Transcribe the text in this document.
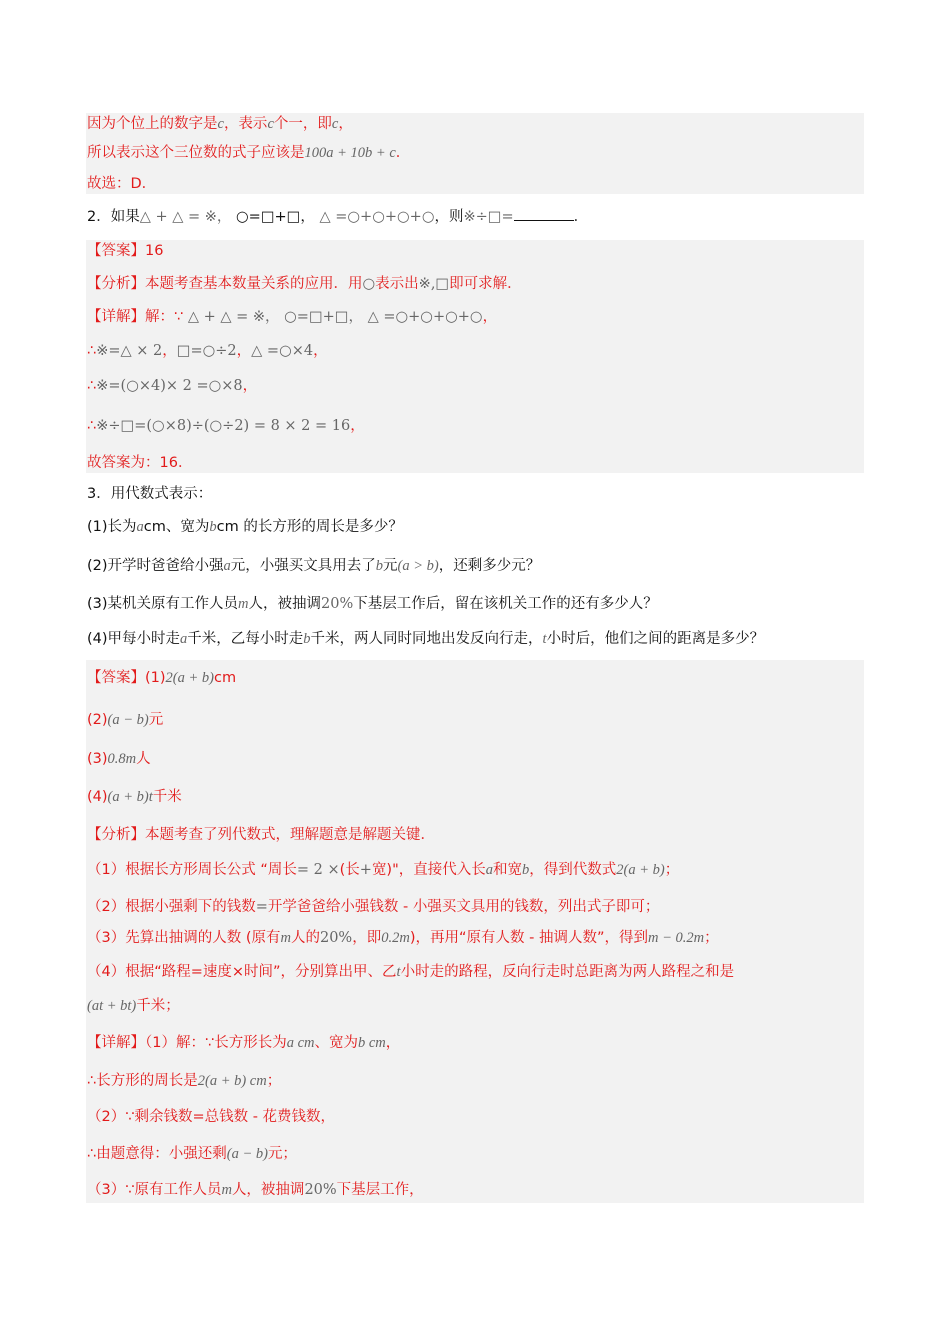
因为个位上的数字是c，表示c个一，即c，
所以表示这个三位数的式子应该是100a + 10b + c．
故选：D．
2．如果△ + △ = ※， ○=□+□， △ =○+○+○+○，则※÷□=	．
【答案】16
【分析】本题考查基本数量关系的应用．用○表示出※,□即可求解．
【详解】解：∵ △ + △ = ※， ○=□+□， △ =○+○+○+○，
∴※=△ × 2，□=○÷2，△ =○×4，
∴※=(○×4)× 2 =○×8，
∴※÷□=(○×8)÷(○÷2) = 8 × 2 = 16，
故答案为：16．
3．用代数式表示：
(1)长为acm、宽为bcm 的长方形的周长是多少？
(2)开学时爸爸给小强a元，小强买文具用去了b元(a > b)，还剩多少元？
(3)某机关原有工作人员m人，被抽调20%下基层工作后，留在该机关工作的还有多少人？
(4)甲每小时走a千米，乙每小时走b千米，两人同时同地出发反向行走，t小时后，他们之间的距离是多少？
【答案】(1)2(a + b)cm
(2)(a − b)元
(3)0.8m人
(4)(a + b)t千米
【分析】本题考查了列代数式，理解题意是解题关键．
（1）根据长方形周长公式 “周长= 2 ×(长+宽)"，直接代入长a和宽b，得到代数式2(a + b)；
（2）根据小强剩下的钱数=开学爸爸给小强钱数 - 小强买文具用的钱数，列出式子即可；
（3）先算出抽调的人数 (原有m人的20%，即0.2m)，再用“原有人数 - 抽调人数”，得到m − 0.2m；
（4）根据“路程=速度×时间”，分别算出甲、乙t小时走的路程，反向行走时总距离为两人路程之和是
(at + bt)千米；
【详解】（1）解：∵长方形长为a cm、宽为b cm，
∴长方形的周长是2(a + b) cm；
（2）∵剩余钱数=总钱数 - 花费钱数，
∴由题意得：小强还剩(a − b)元；
（3）∵原有工作人员m人，被抽调20%下基层工作，
